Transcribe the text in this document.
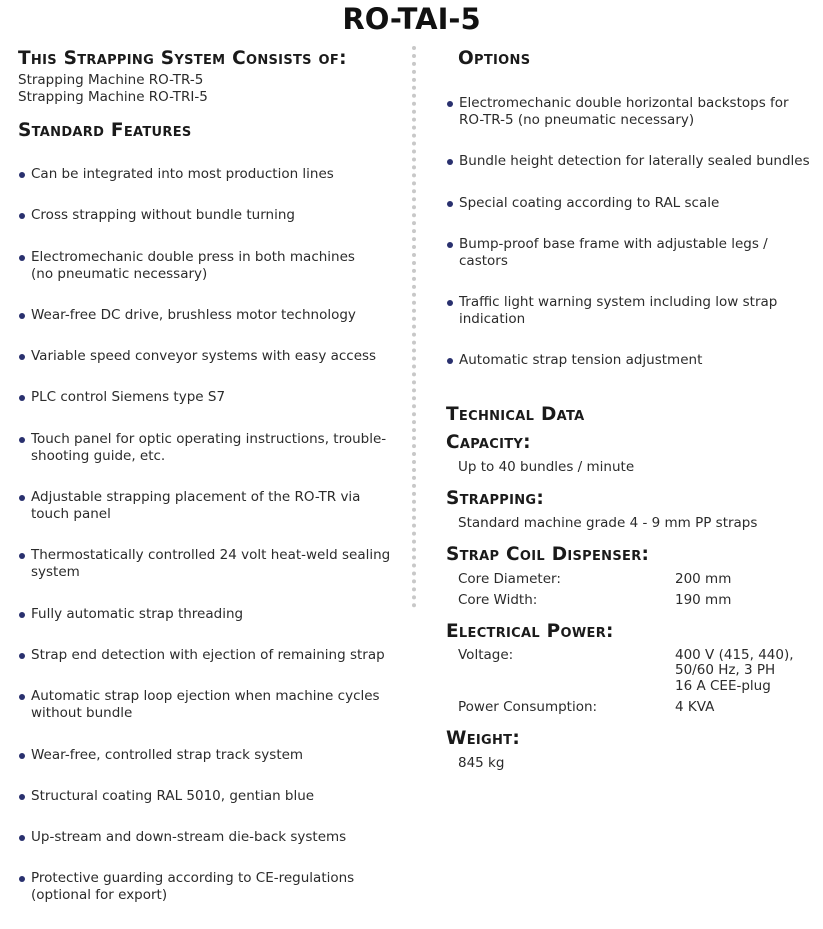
RO-TAI-5
This Strapping System Consists of:
Strapping Machine RO-TR-5
Strapping Machine RO-TRI-5
Standard Features

Can be integrated into most production lines

Cross strapping without bundle turning

Electromechanic double press in both machines
(no pneumatic necessary)

Wear-free DC drive, brushless motor technology

Variable speed conveyor systems with easy access

PLC control Siemens type S7

Touch panel for optic operating instructions, trouble-
shooting guide, etc.

Adjustable strapping placement of the RO-TR via
touch panel

Thermostatically controlled 24 volt heat-weld sealing
system

Fully automatic strap threading

Strap end detection with ejection of remaining strap

Automatic strap loop ejection when machine cycles
without bundle

Wear-free, controlled strap track system

Structural coating RAL 5010, gentian blue

Up-stream and down-stream die-back systems

Protective guarding according to CE-regulations
(optional for export)

Options

Electromechanic double horizontal backstops for
RO-TR-5 (no pneumatic necessary)

Bundle height detection for laterally sealed bundles

Special coating according to RAL scale

Bump-proof base frame with adjustable legs / castors

Traffic light warning system including low strap
indication

Automatic strap tension adjustment

Technical Data
Capacity:
Up to 40 bundles / minute
Strapping:
Standard machine grade 4 - 9 mm PP straps
Strap Coil Dispenser:
Core Diameter:	200 mm
Core Width:	190 mm
Electrical Power:
Voltage:	400 V (415, 440),
50/60 Hz, 3 PH
16 A CEE-plug
Power Consumption:	4 KVA
Weight:
845 kg
